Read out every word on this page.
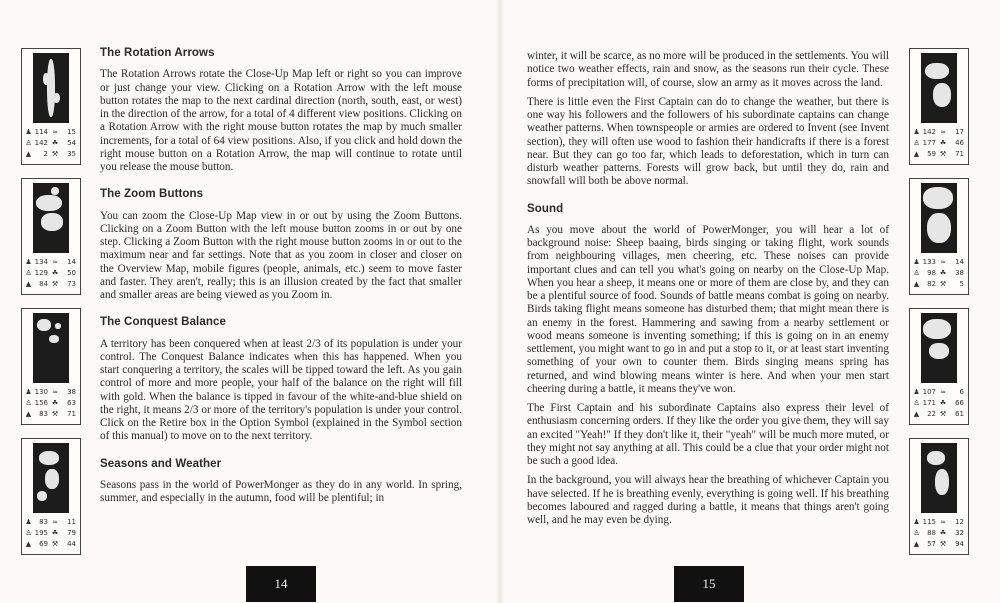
♟ 114 ≈	15
♙ 142 ☘	54
▲	2 ⚒	35
♟ 134 ≈	14
♙ 129 ☘	50
▲	84 ⚒	73
♟ 130 ≈	38
♙ 156 ☘	63
▲	83 ⚒	71
♟	83 ≈	11
♙ 195 ☘	79
▲	69 ⚒	44
The Rotation Arrows

The Rotation Arrows rotate the Close-Up Map left or right so you can improve or just change your view. Clicking on a Rotation Arrow with the left mouse button rotates the map to the next cardinal direction (north, south, east, or west) in the direction of the arrow, for a total of 4 different view positions. Clicking on a Rotation Arrow with the right mouse button rotates the map by much smaller increments, for a total of 64 view positions. Also, if you click and hold down the right mouse button on a Rotation Arrow, the map will continue to rotate until you release the mouse button.

The Zoom Buttons

You can zoom the Close-Up Map view in or out by using the Zoom Buttons. Clicking on a Zoom Button with the left mouse button zooms in or out by one step. Clicking a Zoom Button with the right mouse button zooms in or out to the maximum near and far settings. Note that as you zoom in closer and closer on the Overview Map, mobile figures (people, animals, etc.) seem to move faster and faster. They aren't, really; this is an illusion created by the fact that smaller and smaller areas are being viewed as you Zoom in.

The Conquest Balance

A territory has been conquered when at least 2/3 of its population is under your control. The Conquest Balance indicates when this has happened. When you start conquering a territory, the scales will be tipped toward the left. As you gain control of more and more people, your half of the balance on the right will fill with gold. When the balance is tipped in favour of the white-and-blue shield on the right, it means 2/3 or more of the territory's population is under your control. Click on the Retire box in the Option Symbol (explained in the Symbol section of this manual) to move on to the next territory.

Seasons and Weather

Seasons pass in the world of PowerMonger as they do in any world. In spring, summer, and especially in the autumn, food will be plentiful; in

14

winter, it will be scarce, as no more will be produced in the settlements. You will notice two weather effects, rain and snow, as the seasons run their cycle. These forms of precipitation will, of course, slow an army as it moves across the land.

There is little even the First Captain can do to change the weather, but there is one way his followers and the followers of his subordinate captains can change weather patterns. When townspeople or armies are ordered to Invent (see Invent section), they will often use wood to fashion their handicrafts if there is a forest near. But they can go too far, which leads to deforestation, which in turn can disturb weather patterns. Forests will grow back, but until they do, rain and snowfall will both be above normal.

Sound

As you move about the world of PowerMonger, you will hear a lot of background noise: Sheep baaing, birds singing or taking flight, work sounds from neighbouring villages, men cheering, etc. These noises can provide important clues and can tell you what's going on nearby on the Close-Up Map. When you hear a sheep, it means one or more of them are close by, and they can be a plentiful source of food. Sounds of battle means combat is going on nearby. Birds taking flight means someone has disturbed them; that might mean there is an enemy in the forest. Hammering and sawing from a nearby settlement or wood means someone is inventing something; if this is going on in an enemy settlement, you might want to go in and put a stop to it, or at least start inventing something of your own to counter them. Birds singing means spring has returned, and wind blowing means winter is here. And when your men start cheering during a battle, it means they've won.

The First Captain and his subordinate Captains also express their level of enthusiasm concerning orders. If they like the order you give them, they will say an excited "Yeah!" If they don't like it, their "yeah" will be much more muted, or they might not say anything at all. This could be a clue that your order might not be such a good idea.

In the background, you will always hear the breathing of whichever Captain you have selected. If he is breathing evenly, everything is going well. If his breathing becomes laboured and ragged during a battle, it means that things aren't going well, and he may even be dying.

♟ 142 ≈	17
♙ 177 ☘	46
▲	59 ⚒	71
♟ 133 ≈	14
♙	98 ☘	38
▲	82 ⚒	5
♟ 107 ≈	6
♙ 171 ☘	66
▲	22 ⚒	61
♟ 115 ≈	12
♙	88 ☘	32
▲	57 ⚒	94
15
